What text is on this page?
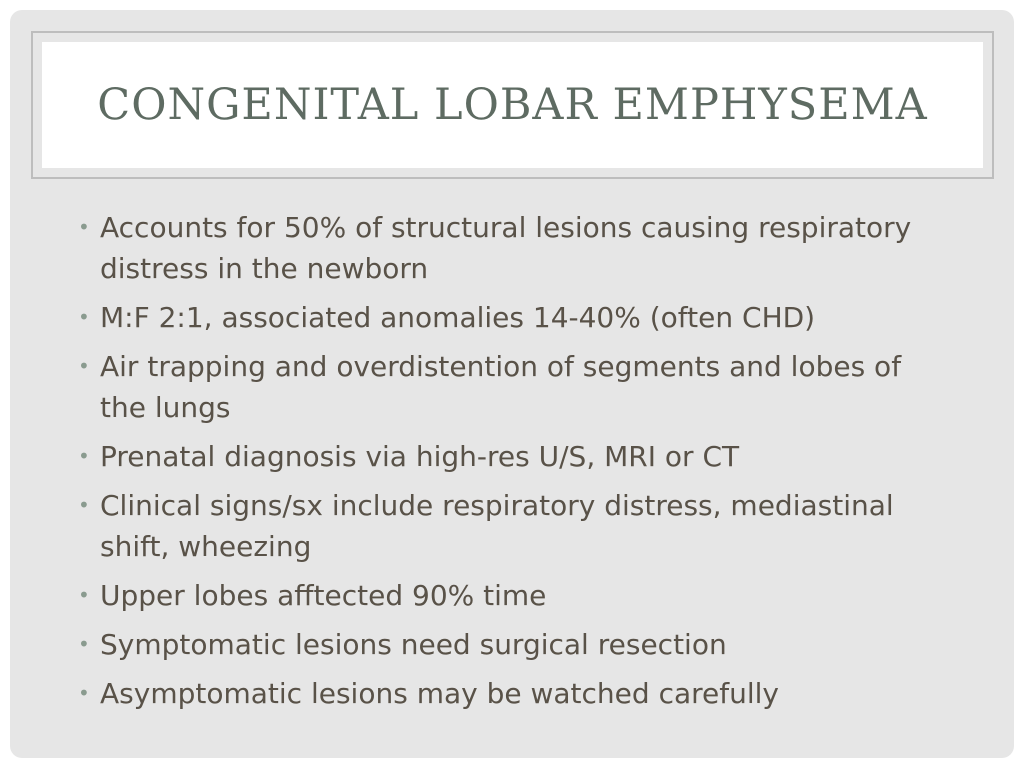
CONGENITAL LOBAR EMPHYSEMA
• Accounts for 50% of structural lesions causing respiratory distress in the newborn
• M:F 2:1, associated anomalies 14-40% (often CHD)
• Air trapping and overdistention of segments and lobes of the lungs
• Prenatal diagnosis via high-res U/S, MRI or CT
• Clinical signs/sx include respiratory distress, mediastinal shift, wheezing
• Upper lobes afftected 90% time
• Symptomatic lesions need surgical resection
• Asymptomatic lesions may be watched carefully
